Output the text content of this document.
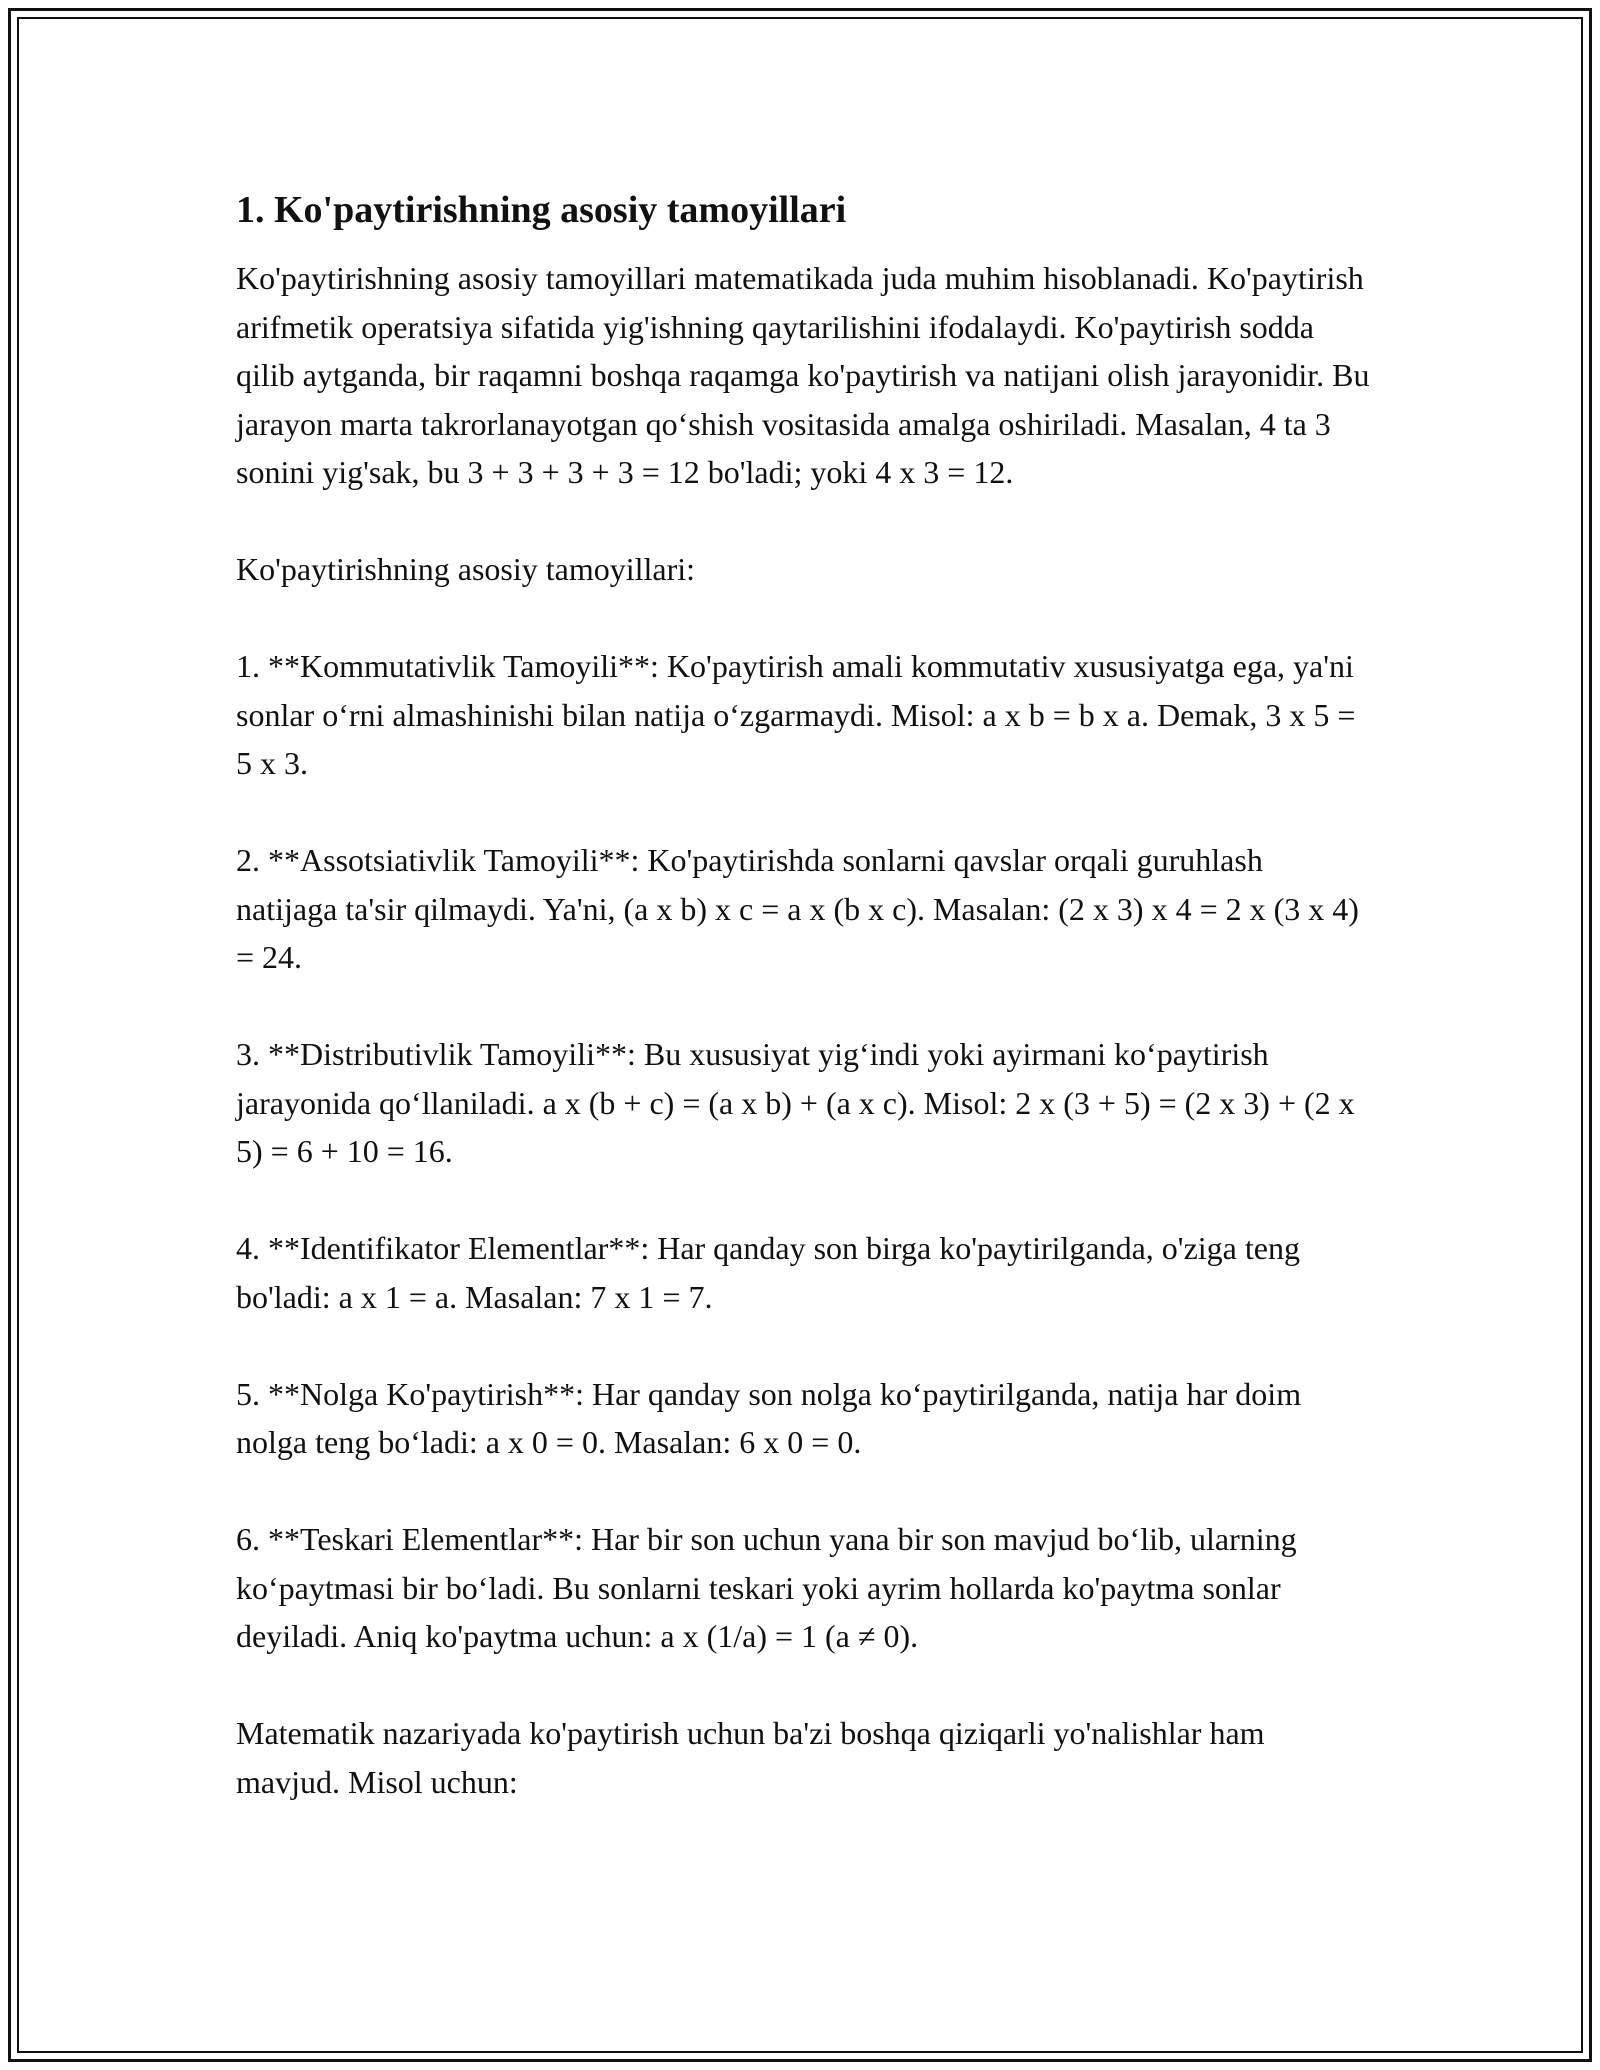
1. Ko'paytirishning asosiy tamoyillari

Ko'paytirishning asosiy tamoyillari matematikada juda muhim hisoblanadi. Ko'paytirish arifmetik operatsiya sifatida yig'ishning qaytarilishini ifodalaydi. Ko'paytirish sodda qilib aytganda, bir raqamni boshqa raqamga ko'paytirish va natijani olish jarayonidir. Bu jarayon marta takrorlanayotgan qo‘shish vositasida amalga oshiriladi. Masalan, 4 ta 3 sonini yig'sak, bu 3 + 3 + 3 + 3 = 12 bo'ladi; yoki 4 x 3 = 12.

Ko'paytirishning asosiy tamoyillari:

1. **Kommutativlik Tamoyili**: Ko'paytirish amali kommutativ xususiyatga ega, ya'ni sonlar o‘rni almashinishi bilan natija o‘zgarmaydi. Misol: a x b = b x a. Demak, 3 x 5 = 5 x 3.

2. **Assotsiativlik Tamoyili**: Ko'paytirishda sonlarni qavslar orqali guruhlash natijaga ta'sir qilmaydi. Ya'ni, (a x b) x c = a x (b x c). Masalan: (2 x 3) x 4 = 2 x (3 x 4) = 24.

3. **Distributivlik Tamoyili**: Bu xususiyat yig‘indi yoki ayirmani ko‘paytirish jarayonida qo‘llaniladi. a x (b + c) = (a x b) + (a x c). Misol: 2 x (3 + 5) = (2 x 3) + (2 x 5) = 6 + 10 = 16.

4. **Identifikator Elementlar**: Har qanday son birga ko'paytirilganda, o'ziga teng bo'ladi: a x 1 = a. Masalan: 7 x 1 = 7.

5. **Nolga Ko'paytirish**: Har qanday son nolga ko‘paytirilganda, natija har doim nolga teng bo‘ladi: a x 0 = 0. Masalan: 6 x 0 = 0.

6. **Teskari Elementlar**: Har bir son uchun yana bir son mavjud bo‘lib, ularning ko‘paytmasi bir bo‘ladi. Bu sonlarni teskari yoki ayrim hollarda ko'paytma sonlar deyiladi. Aniq ko'paytma uchun: a x (1/a) = 1 (a ≠ 0).

Matematik nazariyada ko'paytirish uchun ba'zi boshqa qiziqarli yo'nalishlar ham mavjud. Misol uchun:
